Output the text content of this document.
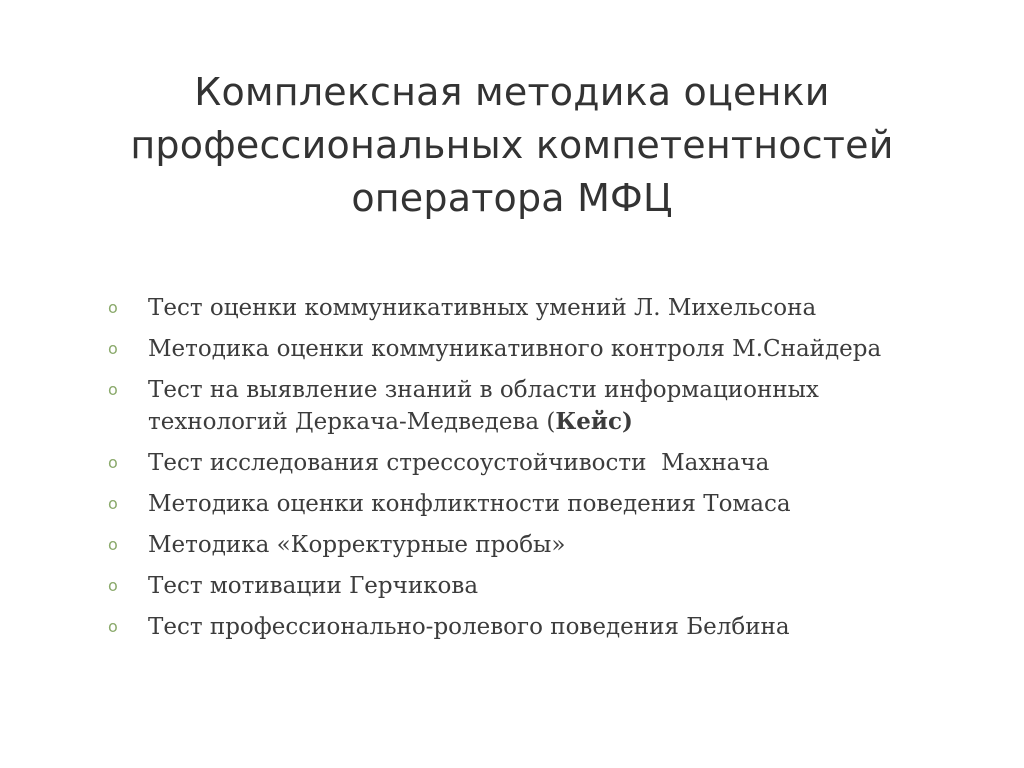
Комплексная методика оценки
профессиональных компетентностей
оператора МФЦ
o Тест оценки коммуникативных умений Л. Михельсона
o Методика оценки коммуникативного контроля М.Снайдера
o Тест на выявление знаний в области информационных
технологий Деркача-Медведева (Кейс)
o Тест исследования стрессоустойчивости  Махнача
o Методика оценки конфликтности поведения Томаса
o Методика «Корректурные пробы»
o Тест мотивации Герчикова
o Тест профессионально-ролевого поведения Белбина
